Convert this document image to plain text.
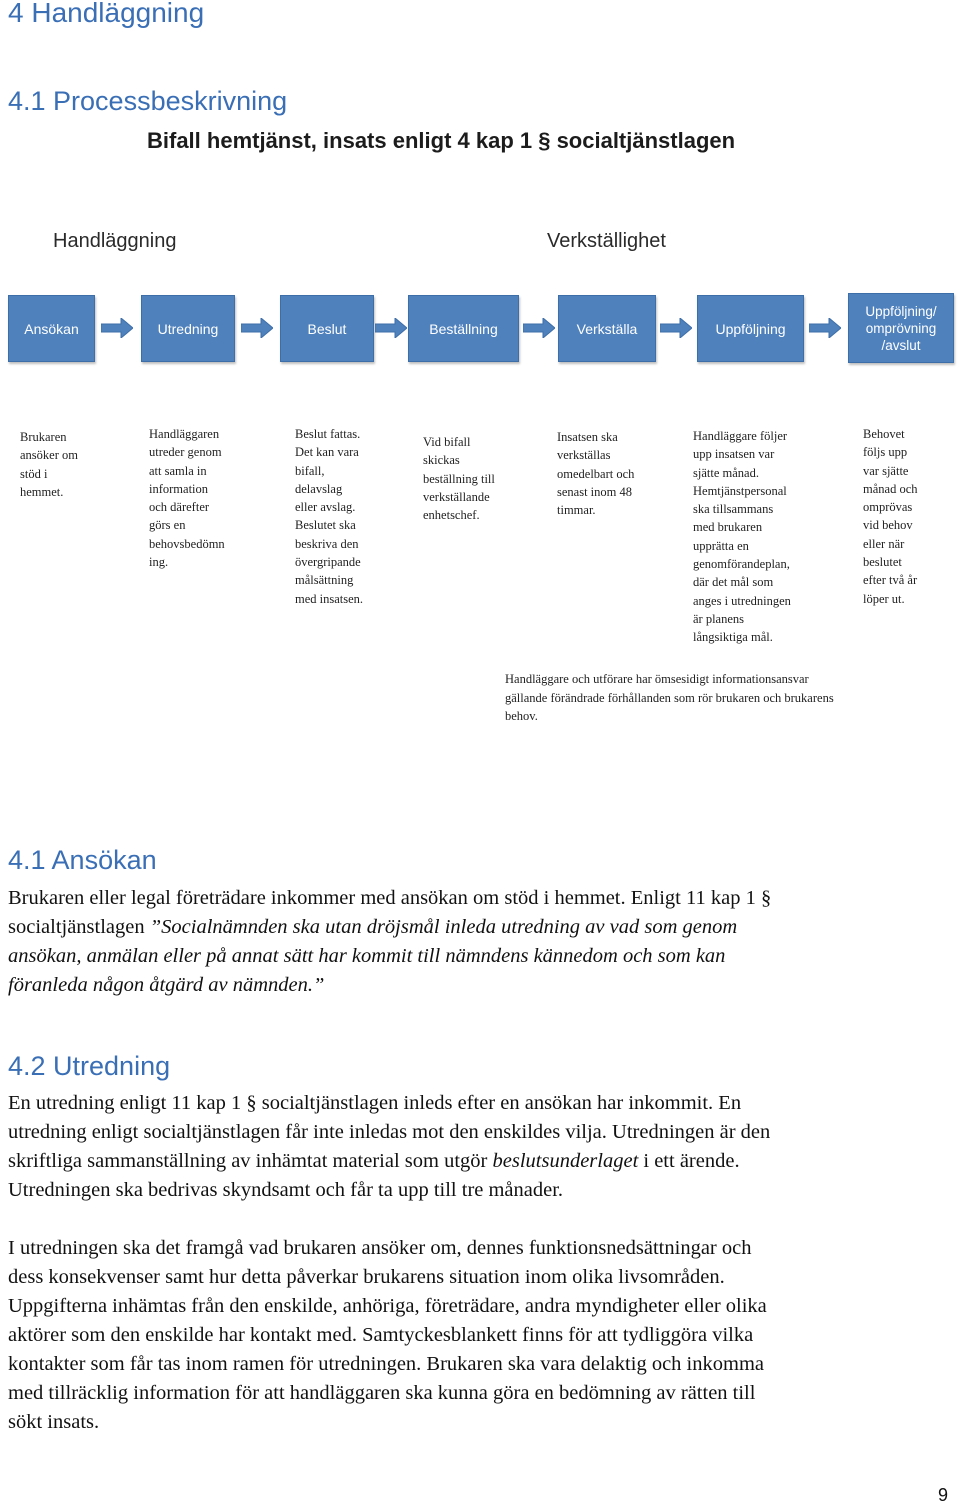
4 Handläggning
4.1 Processbeskrivning
Bifall hemtjänst, insats enligt 4 kap 1 § socialtjänstlagen
Handläggning	Verkställighet
Ansökan	Utredning	Beslut	Beställning	Verkställa	Uppföljning
Uppföljning/
omprövning
/avslut
Brukaren
ansöker om
stöd i
hemmet.
Handläggaren
utreder genom
att samla in
information
och därefter
görs en
behovsbedömn
ing.
Beslut fattas.
Det kan vara
bifall,
delavslag
eller avslag.
Beslutet ska
beskriva den
övergripande
målsättning
med insatsen.
Vid bifall
skickas
beställning till
verkställande
enhetschef.
Insatsen ska
verkställas
omedelbart och
senast inom 48
timmar.
Handläggare följer
upp insatsen var
sjätte månad.
Hemtjänstpersonal
ska tillsammans
med brukaren
upprätta en
genomförandeplan,
där det mål som
anges i utredningen
är planens
långsiktiga mål.
Behovet
följs upp
var sjätte
månad och
omprövas
vid behov
eller när
beslutet
efter två år
löper ut.
Handläggare och utförare har ömsesidigt informationsansvar
gällande förändrade förhållanden som rör brukaren och brukarens
behov.
4.1 Ansökan
Brukaren eller legal företrädare inkommer med ansökan om stöd i hemmet. Enligt 11 kap 1 §
socialtjänstlagen ”Socialnämnden ska utan dröjsmål inleda utredning av vad som genom
ansökan, anmälan eller på annat sätt har kommit till nämndens kännedom och som kan
föranleda någon åtgärd av nämnden.”
4.2 Utredning
En utredning enligt 11 kap 1 § socialtjänstlagen inleds efter en ansökan har inkommit. En
utredning enligt socialtjänstlagen får inte inledas mot den enskildes vilja. Utredningen är den
skriftliga sammanställning av inhämtat material som utgör beslutsunderlaget i ett ärende.
Utredningen ska bedrivas skyndsamt och får ta upp till tre månader.
I utredningen ska det framgå vad brukaren ansöker om, dennes funktionsnedsättningar och
dess konsekvenser samt hur detta påverkar brukarens situation inom olika livsområden.
Uppgifterna inhämtas från den enskilde, anhöriga, företrädare, andra myndigheter eller olika
aktörer som den enskilde har kontakt med. Samtyckesblankett finns för att tydliggöra vilka
kontakter som får tas inom ramen för utredningen. Brukaren ska vara delaktig och inkomma
med tillräcklig information för att handläggaren ska kunna göra en bedömning av rätten till
sökt insats.
9
